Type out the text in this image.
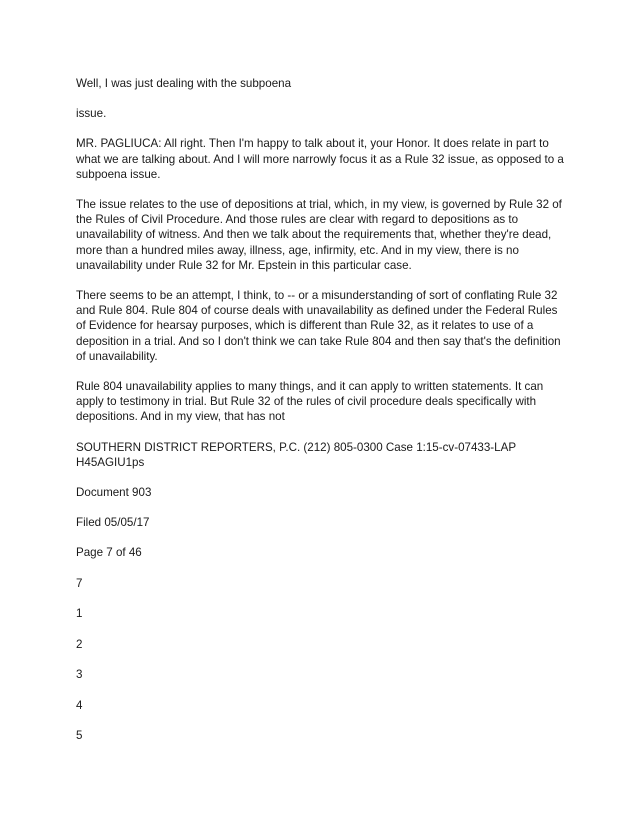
Well, I was just dealing with the subpoena

issue.

MR. PAGLIUCA: All right. Then I'm happy to talk about it, your Honor. It does relate in part to what we are talking about. And I will more narrowly focus it as a Rule 32 issue, as opposed to a subpoena issue.

The issue relates to the use of depositions at trial, which, in my view, is governed by Rule 32 of the Rules of Civil Procedure. And those rules are clear with regard to depositions as to unavailability of witness. And then we talk about the requirements that, whether they're dead, more than a hundred miles away, illness, age, infirmity, etc. And in my view, there is no unavailability under Rule 32 for Mr. Epstein in this particular case.

There seems to be an attempt, I think, to -- or a misunderstanding of sort of conflating Rule 32 and Rule 804. Rule 804 of course deals with unavailability as defined under the Federal Rules of Evidence for hearsay purposes, which is different than Rule 32, as it relates to use of a deposition in a trial. And so I don't think we can take Rule 804 and then say that's the definition of unavailability.

Rule 804 unavailability applies to many things, and it can apply to written statements. It can apply to testimony in trial. But Rule 32 of the rules of civil procedure deals specifically with depositions. And in my view, that has not

SOUTHERN DISTRICT REPORTERS, P.C. (212) 805-0300 Case 1:15-cv-07433-LAP H45AGIU1ps

Document 903

Filed 05/05/17

Page 7 of 46

7

1

2

3

4

5
